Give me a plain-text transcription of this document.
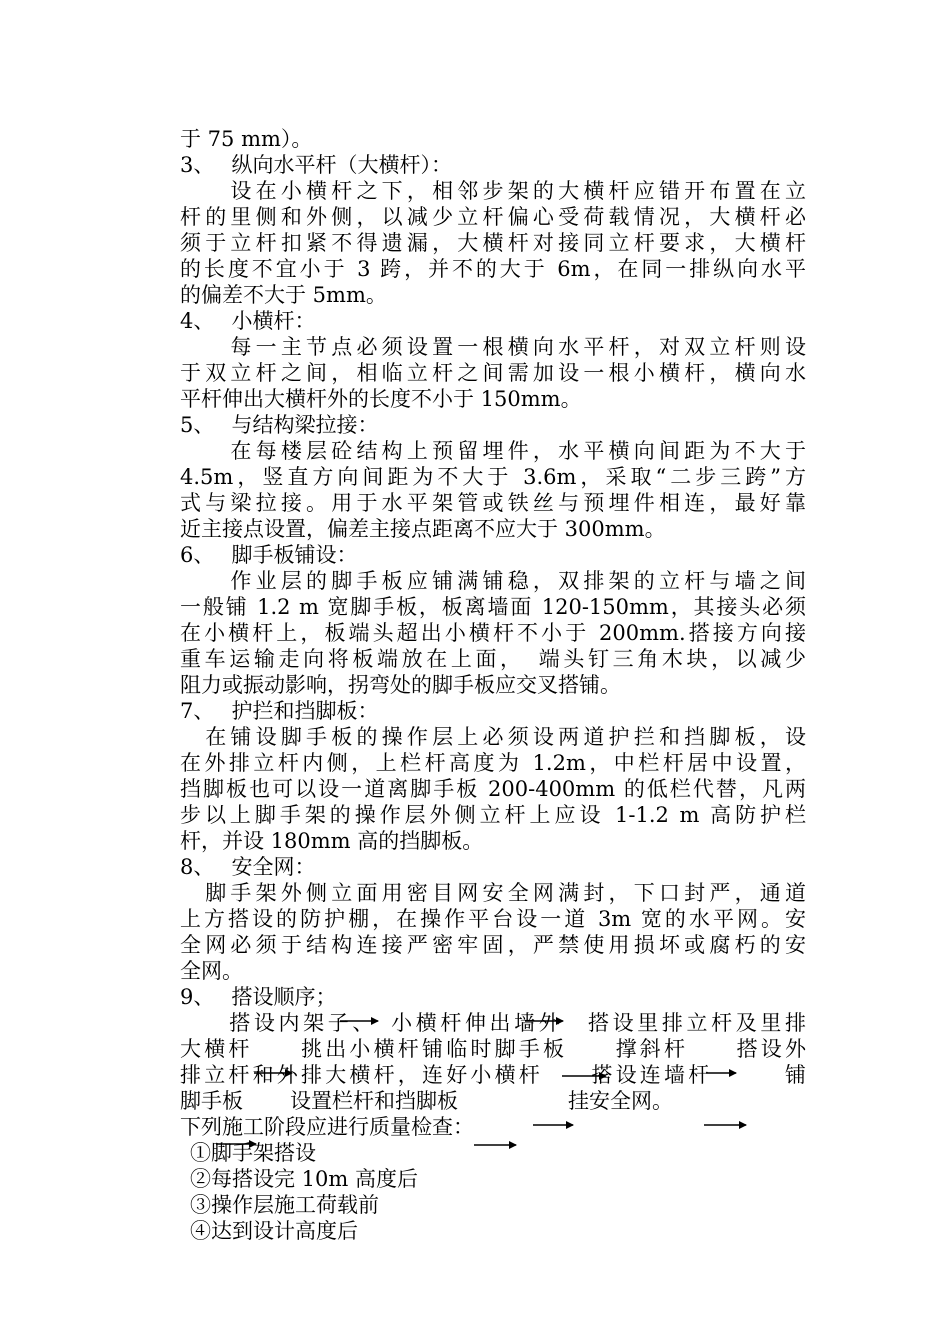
于 75 mm）。

3、　 纵向水平杆（大横杆）：

　　设在小横杆之下，相邻步架的大横杆应错开布置在立

杆的里侧和外侧，以减少立杆偏心受荷载情况，大横杆必

须于立杆扣紧不得遗漏，大横杆对接同立杆要求，大横杆

的长度不宜小于 3 跨，并不的大于 6m，在同一排纵向水平

的偏差不大于 5mm。

4、　 小横杆：

　　每一主节点必须设置一根横向水平杆，对双立杆则设

于双立杆之间，相临立杆之间需加设一根小横杆，横向水

平杆伸出大横杆外的长度不小于 150mm。

5、　 与结构梁拉接：

　　在每楼层砼结构上预留埋件，水平横向间距为不大于

4.5m，竖直方向间距为不大于 3.6m，采取“二步三跨”方

式与梁拉接。用于水平架管或铁丝与预埋件相连，最好靠

近主接点设置，偏差主接点距离不应大于 300mm。

6、　 脚手板铺设：

　　作业层的脚手板应铺满铺稳，双排架的立杆与墙之间

一般铺 1.2 m 宽脚手板，板离墙面 120-150mm，其接头必须

在小横杆上，板端头超出小横杆不小于 200mm.搭接方向接

重车运输走向将板端放在上面，　端头钉三角木块，以减少

阻力或振动影响，拐弯处的脚手板应交叉搭铺。

7、　 护拦和挡脚板：

　在铺设脚手板的操作层上必须设两道护拦和挡脚板，设

在外排立杆内侧，上栏杆高度为 1.2m，中栏杆居中设置，

挡脚板也可以设一道离脚手板 200-400mm 的低栏代替，凡两

步以上脚手架的操作层外侧立杆上应设 1-1.2 m 高防护栏

杆，并设 180mm 高的挡脚板。

8、　 安全网：

　脚手架外侧立面用密目网安全网满封，下口封严，通道

上方搭设的防护棚，在操作平台设一道 3m 宽的水平网。安

全网必须于结构连接严密牢固，严禁使用损坏或腐朽的安

全网。

9、　 搭设顺序；

　　搭设内架子、　小横杆伸出墙外　搭设里排立杆及里排

大横杆　　挑出小横杆铺临时脚手板　　撑斜杆　　搭设外

排立杆和外排大横杆，连好小横杆　　搭设连墙杆　　　铺

脚手板 设置栏杆和挡脚板	挂安全网。

下列施工阶段应进行质量检查：

①脚手架搭设

②每搭设完 10m 高度后

③操作层施工荷载前

④达到设计高度后
